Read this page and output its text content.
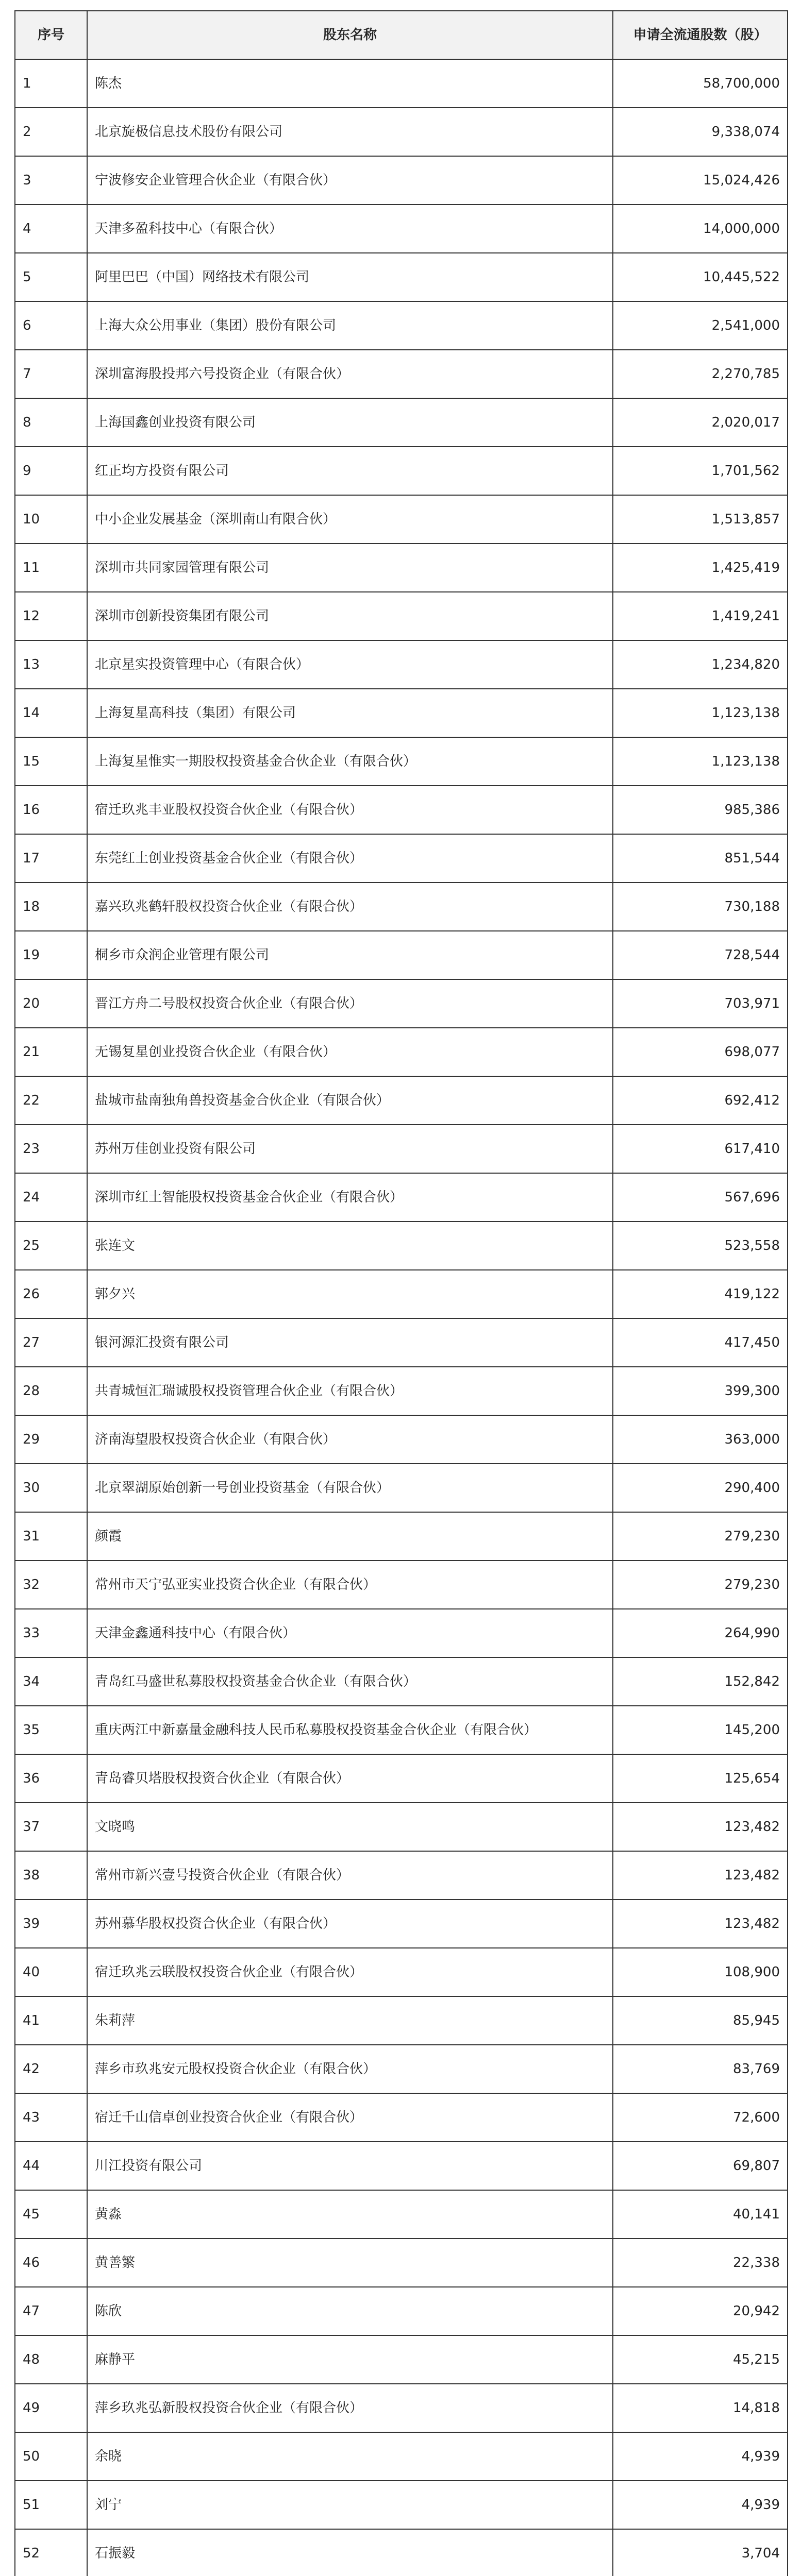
序号	股东名称	申请全流通股数（股）
1	陈杰	58,700,000
2	北京旋极信息技术股份有限公司	9,338,074
3	宁波修安企业管理合伙企业（有限合伙）	15,024,426
4	天津多盈科技中心（有限合伙）	14,000,000
5	阿里巴巴（中国）网络技术有限公司	10,445,522
6	上海大众公用事业（集团）股份有限公司	2,541,000
7	深圳富海股投邦六号投资企业（有限合伙）	2,270,785
8	上海国鑫创业投资有限公司	2,020,017
9	红正均方投资有限公司	1,701,562
10	中小企业发展基金（深圳南山有限合伙）	1,513,857
11	深圳市共同家园管理有限公司	1,425,419
12	深圳市创新投资集团有限公司	1,419,241
13	北京星实投资管理中心（有限合伙）	1,234,820
14	上海复星高科技（集团）有限公司	1,123,138
15	上海复星惟实一期股权投资基金合伙企业（有限合伙）	1,123,138
16	宿迁玖兆丰亚股权投资合伙企业（有限合伙）	985,386
17	东莞红土创业投资基金合伙企业（有限合伙）	851,544
18	嘉兴玖兆鹤轩股权投资合伙企业（有限合伙）	730,188
19	桐乡市众润企业管理有限公司	728,544
20	晋江方舟二号股权投资合伙企业（有限合伙）	703,971
21	无锡复星创业投资合伙企业（有限合伙）	698,077
22	盐城市盐南独角兽投资基金合伙企业（有限合伙）	692,412
23	苏州万佳创业投资有限公司	617,410
24	深圳市红土智能股权投资基金合伙企业（有限合伙）	567,696
25	张连文	523,558
26	郭夕兴	419,122
27	银河源汇投资有限公司	417,450
28	共青城恒汇瑞诚股权投资管理合伙企业（有限合伙）	399,300
29	济南海望股权投资合伙企业（有限合伙）	363,000
30	北京翠湖原始创新一号创业投资基金（有限合伙）	290,400
31	颜霞	279,230
32	常州市天宁弘亚实业投资合伙企业（有限合伙）	279,230
33	天津金鑫通科技中心（有限合伙）	264,990
34	青岛红马盛世私募股权投资基金合伙企业（有限合伙）	152,842
35	重庆两江中新嘉量金融科技人民币私募股权投资基金合伙企业（有限合伙）	145,200
36	青岛睿贝塔股权投资合伙企业（有限合伙）	125,654
37	文晓鸣	123,482
38	常州市新兴壹号投资合伙企业（有限合伙）	123,482
39	苏州慕华股权投资合伙企业（有限合伙）	123,482
40	宿迁玖兆云联股权投资合伙企业（有限合伙）	108,900
41	朱莉萍	85,945
42	萍乡市玖兆安元股权投资合伙企业（有限合伙）	83,769
43	宿迁千山信卓创业投资合伙企业（有限合伙）	72,600
44	川江投资有限公司	69,807
45	黄淼	40,141
46	黄善繁	22,338
47	陈欣	20,942
48	麻静平	45,215
49	萍乡玖兆弘新股权投资合伙企业（有限合伙）	14,818
50	余晓	4,939
51	刘宁	4,939
52	石振毅	3,704
